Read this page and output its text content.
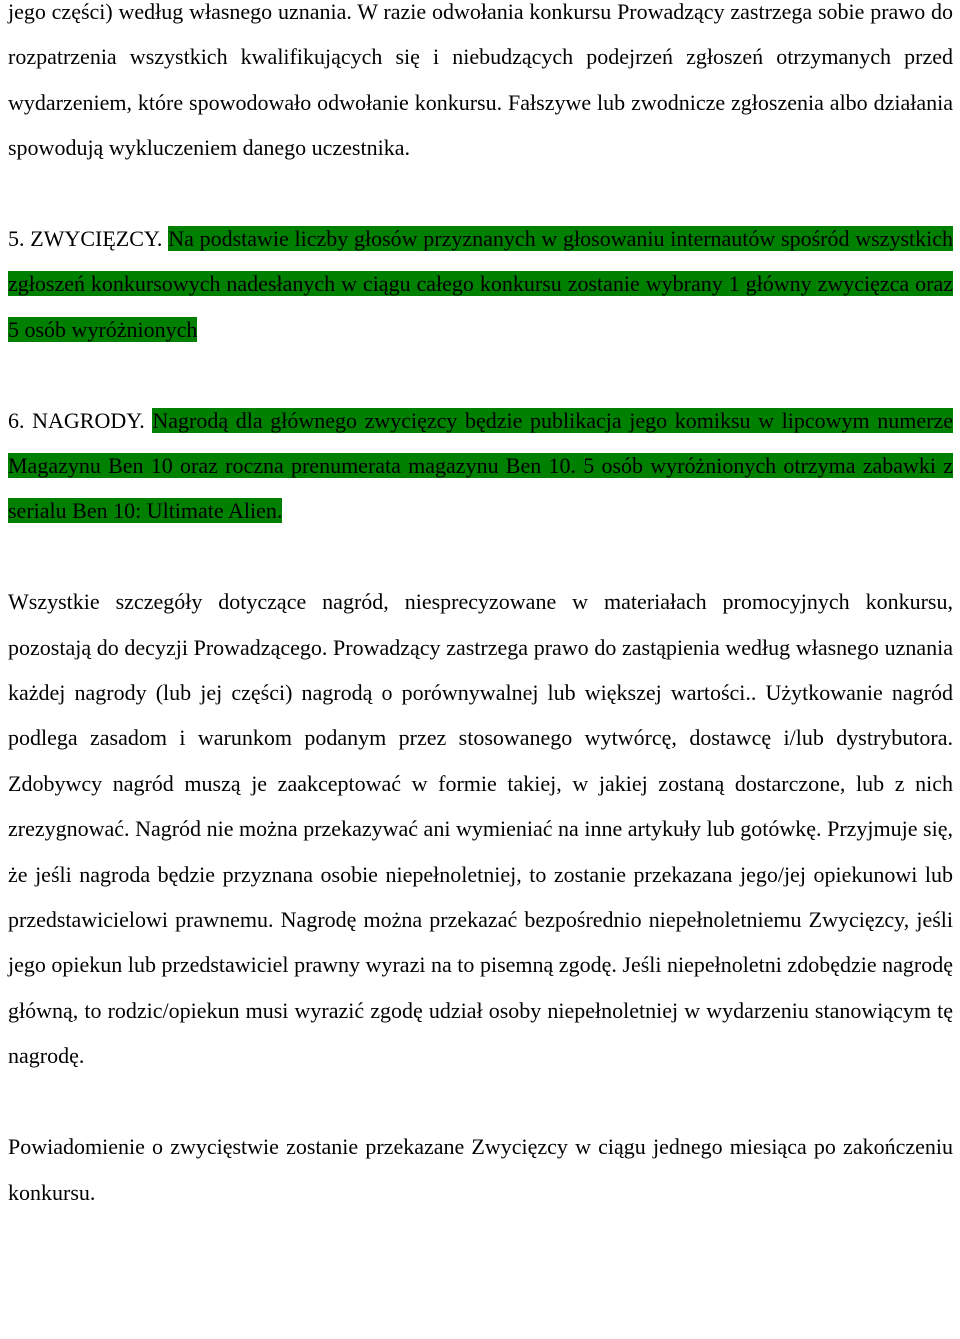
jego części) według własnego uznania. W razie odwołania konkursu Prowadzący zastrzega sobie prawo do rozpatrzenia wszystkich kwalifikujących się i niebudzących podejrzeń zgłoszeń otrzymanych przed wydarzeniem, które spowodowało odwołanie konkursu. Fałszywe lub zwodnicze zgłoszenia albo działania spowodują wykluczeniem danego uczestnika.

5. ZWYCIĘZCY. Na podstawie liczby głosów przyznanych w głosowaniu internautów spośród wszystkich zgłoszeń konkursowych nadesłanych w ciągu całego konkursu zostanie wybrany 1 główny zwycięzca oraz 5 osób wyróżnionych

6. NAGRODY. Nagrodą dla głównego zwycięzcy będzie publikacja jego komiksu w lipcowym numerze Magazynu Ben 10 oraz roczna prenumerata magazynu Ben 10. 5 osób wyróżnionych otrzyma zabawki z serialu Ben 10: Ultimate Alien.

Wszystkie szczegóły dotyczące nagród, niesprecyzowane w materiałach promocyjnych konkursu, pozostają do decyzji Prowadzącego. Prowadzący zastrzega prawo do zastąpienia według własnego uznania każdej nagrody (lub jej części) nagrodą o porównywalnej lub większej wartości.. Użytkowanie nagród podlega zasadom i warunkom podanym przez stosowanego wytwórcę, dostawcę i/lub dystrybutora. Zdobywcy nagród muszą je zaakceptować w formie takiej, w jakiej zostaną dostarczone, lub z nich zrezygnować. Nagród nie można przekazywać ani wymieniać na inne artykuły lub gotówkę. Przyjmuje się, że jeśli nagroda będzie przyznana osobie niepełnoletniej, to zostanie przekazana jego/jej opiekunowi lub przedstawicielowi prawnemu. Nagrodę można przekazać bezpośrednio niepełnoletniemu Zwycięzcy, jeśli jego opiekun lub przedstawiciel prawny wyrazi na to pisemną zgodę. Jeśli niepełnoletni zdobędzie nagrodę główną, to rodzic/opiekun musi wyrazić zgodę udział osoby niepełnoletniej w wydarzeniu stanowiącym tę nagrodę.

Powiadomienie o zwycięstwie zostanie przekazane Zwycięzcy w ciągu jednego miesiąca po zakończeniu konkursu.
